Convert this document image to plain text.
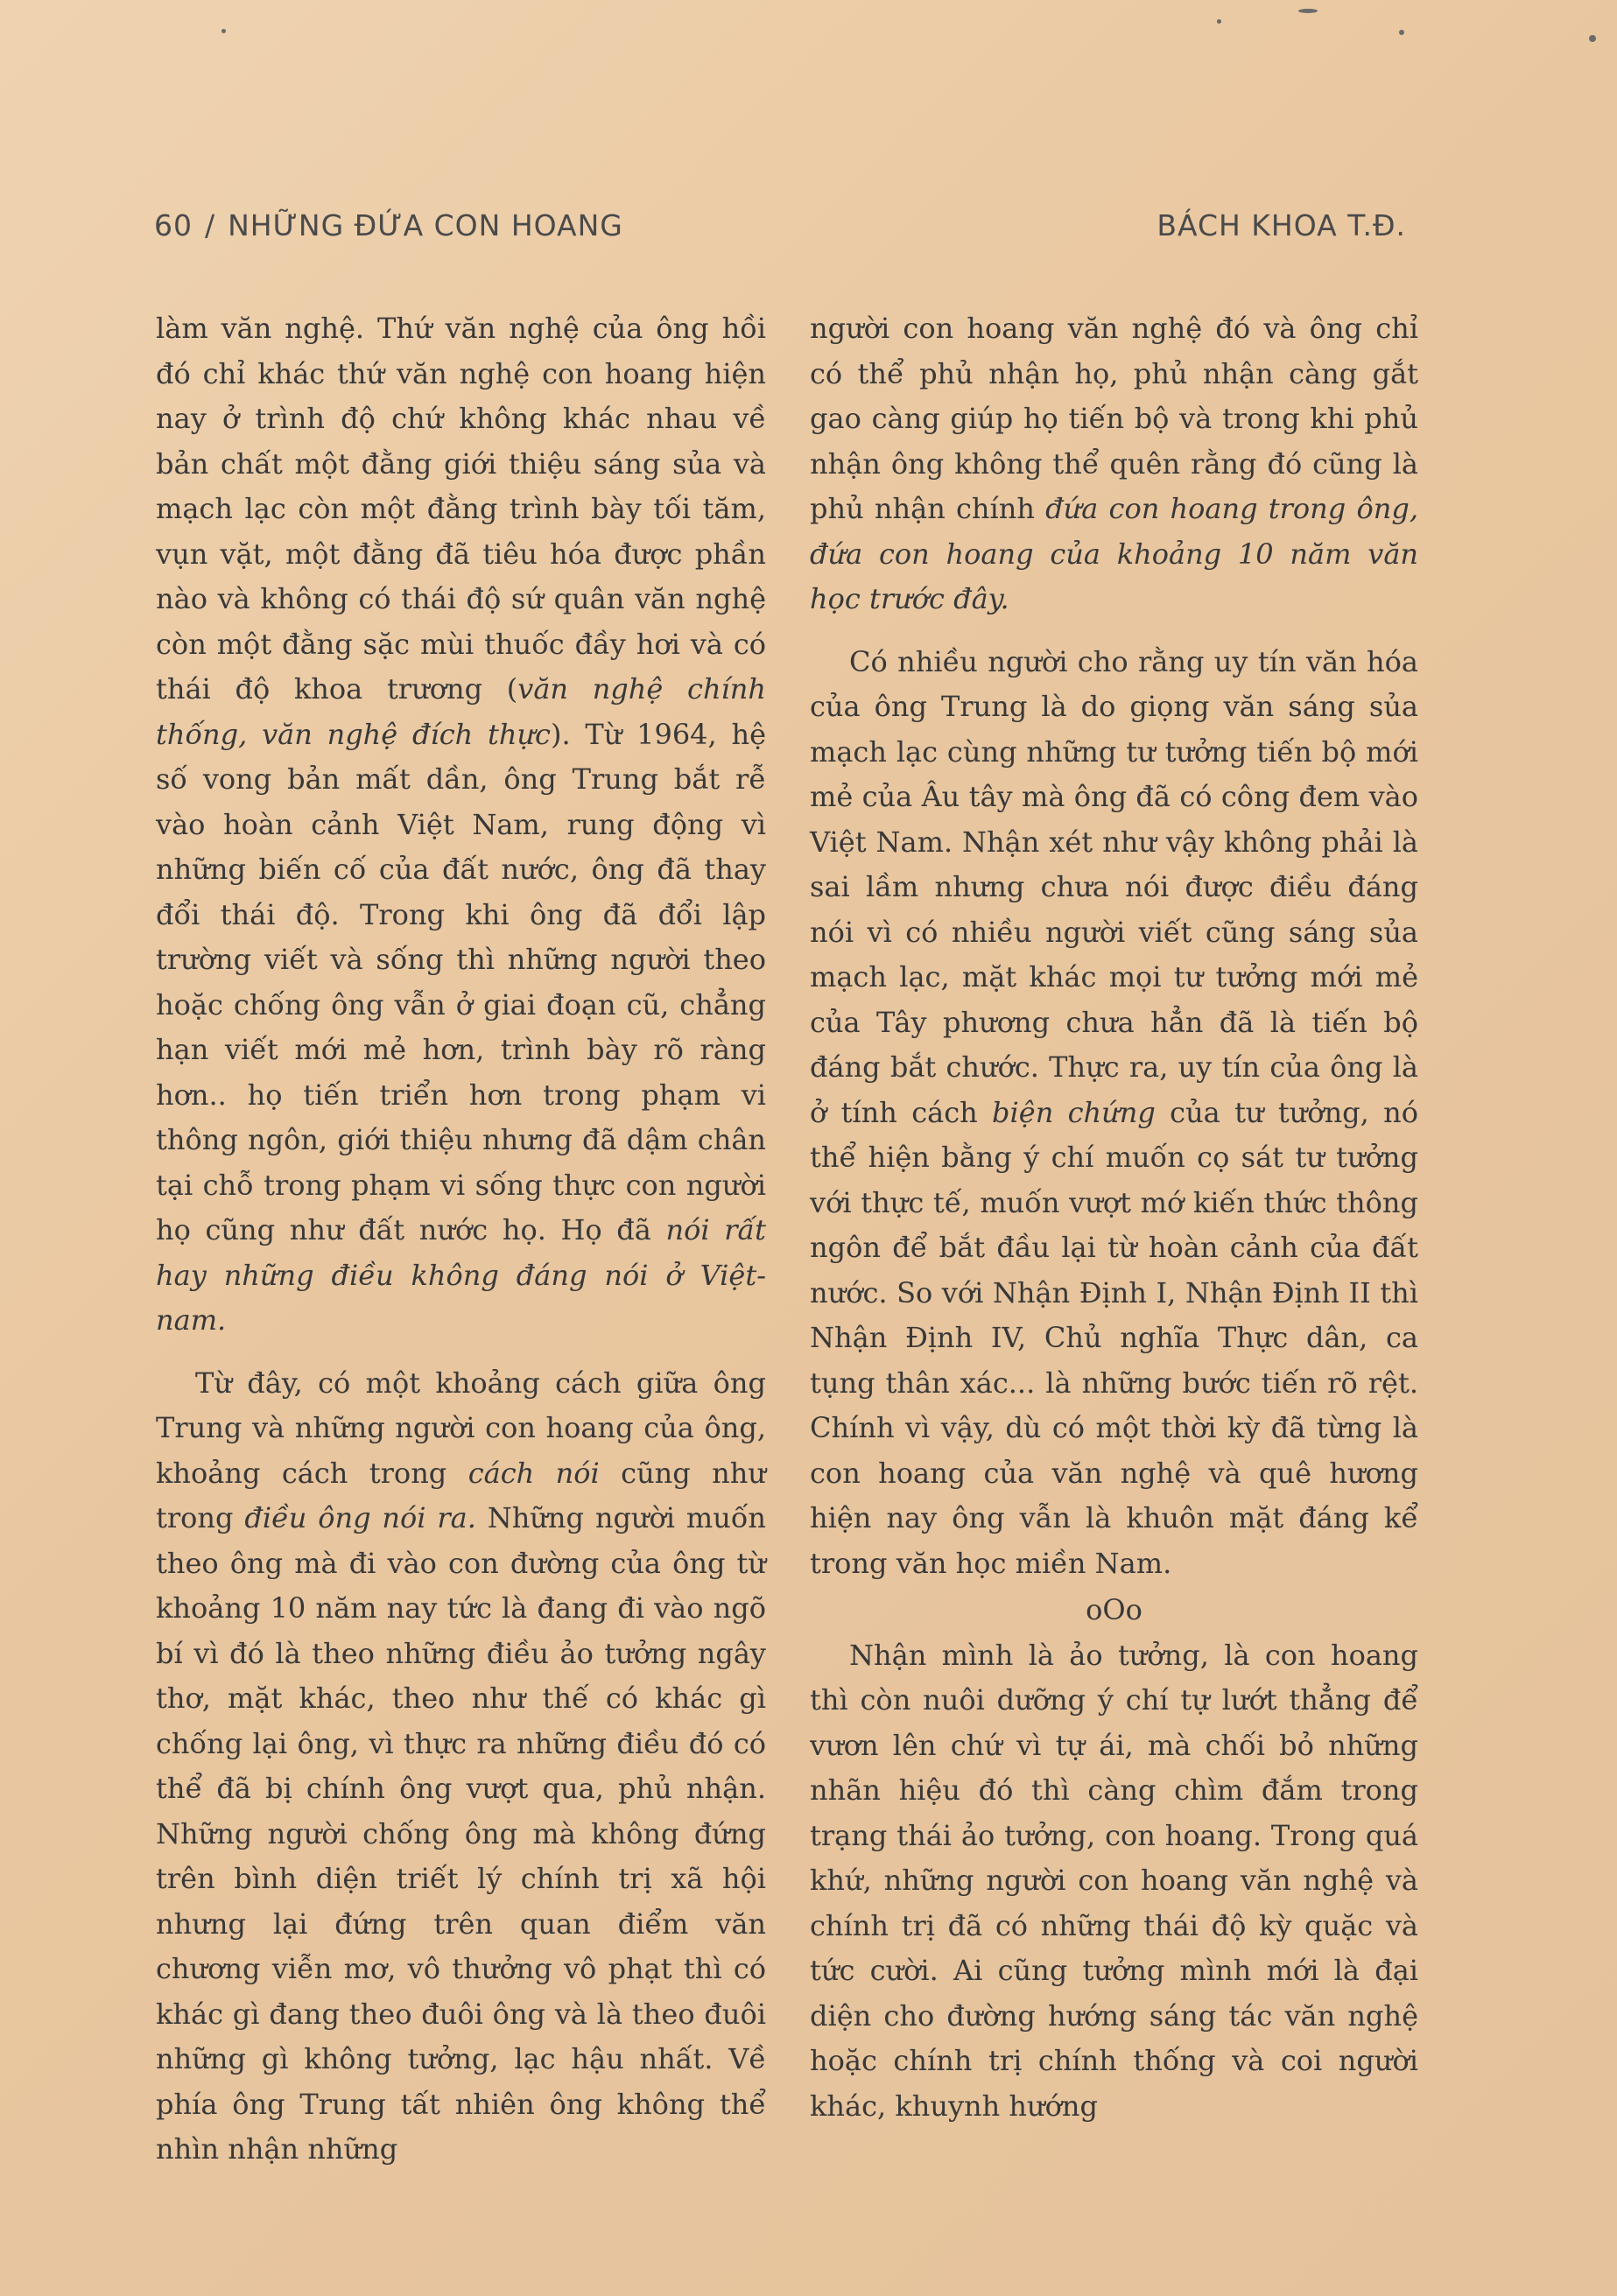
60 / NHỮNG ĐỨA CON HOANG	BÁCH KHOA T.Đ.

làm văn nghệ. Thứ văn nghệ của ông hồi đó chỉ khác thứ văn nghệ con hoang hiện nay ở trình độ chứ không khác nhau về bản chất một đằng giới thiệu sáng sủa và mạch lạc còn một đằng trình bày tối tăm, vụn vặt, một đằng đã tiêu hóa được phần nào và không có thái độ sứ quân văn nghệ còn một đằng sặc mùi thuốc đầy hơi và có thái độ khoa trương (văn nghệ chính thống, văn nghệ đích thực). Từ 1964, hệ số vong bản mất dần, ông Trung bắt rễ vào hoàn cảnh Việt Nam, rung động vì những biến cố của đất nước, ông đã thay đổi thái độ. Trong khi ông đã đổi lập trường viết và sống thì những người theo hoặc chống ông vẫn ở giai đoạn cũ, chẳng hạn viết mới mẻ hơn, trình bày rõ ràng hơn.. họ tiến triển hơn trong phạm vi thông ngôn, giới thiệu nhưng đã dậm chân tại chỗ trong phạm vi sống thực con người họ cũng như đất nước họ. Họ đã nói rất hay những điều không đáng nói ở Việt-nam.

Từ đây, có một khoảng cách giữa ông Trung và những người con hoang của ông, khoảng cách trong cách nói cũng như trong điều ông nói ra. Những người muốn theo ông mà đi vào con đường của ông từ khoảng 10 năm nay tức là đang đi vào ngõ bí vì đó là theo những điều ảo tưởng ngây thơ, mặt khác, theo như thế có khác gì chống lại ông, vì thực ra những điều đó có thể đã bị chính ông vượt qua, phủ nhận. Những người chống ông mà không đứng trên bình diện triết lý chính trị xã hội nhưng lại đứng trên quan điểm văn chương viễn mơ, vô thưởng vô phạt thì có khác gì đang theo đuôi ông và là theo đuôi những gì không tưởng, lạc hậu nhất. Về phía ông Trung tất nhiên ông không thể nhìn nhận những

người con hoang văn nghệ đó và ông chỉ có thể phủ nhận họ, phủ nhận càng gắt gao càng giúp họ tiến bộ và trong khi phủ nhận ông không thể quên rằng đó cũng là phủ nhận chính đứa con hoang trong ông, đứa con hoang của khoảng 10 năm văn học trước đây.

Có nhiều người cho rằng uy tín văn hóa của ông Trung là do giọng văn sáng sủa mạch lạc cùng những tư tưởng tiến bộ mới mẻ của Âu tây mà ông đã có công đem vào Việt Nam. Nhận xét như vậy không phải là sai lầm nhưng chưa nói được điều đáng nói vì có nhiều người viết cũng sáng sủa mạch lạc, mặt khác mọi tư tưởng mới mẻ của Tây phương chưa hẳn đã là tiến bộ đáng bắt chước. Thực ra, uy tín của ông là ở tính cách biện chứng của tư tưởng, nó thể hiện bằng ý chí muốn cọ sát tư tưởng với thực tế, muốn vượt mớ kiến thức thông ngôn để bắt đầu lại từ hoàn cảnh của đất nước. So với Nhận Định I, Nhận Định II thì Nhận Định IV, Chủ nghĩa Thực dân, ca tụng thân xác... là những bước tiến rõ rệt. Chính vì vậy, dù có một thời kỳ đã từng là con hoang của văn nghệ và quê hương hiện nay ông vẫn là khuôn mặt đáng kể trong văn học miền Nam.

oOo

Nhận mình là ảo tưởng, là con hoang thì còn nuôi dưỡng ý chí tự lướt thẳng để vươn lên chứ vì tự ái, mà chối bỏ những nhãn hiệu đó thì càng chìm đắm trong trạng thái ảo tưởng, con hoang. Trong quá khứ, những người con hoang văn nghệ và chính trị đã có những thái độ kỳ quặc và tức cười. Ai cũng tưởng mình mới là đại diện cho đường hướng sáng tác văn nghệ hoặc chính trị chính thống và coi người khác, khuynh hướng
